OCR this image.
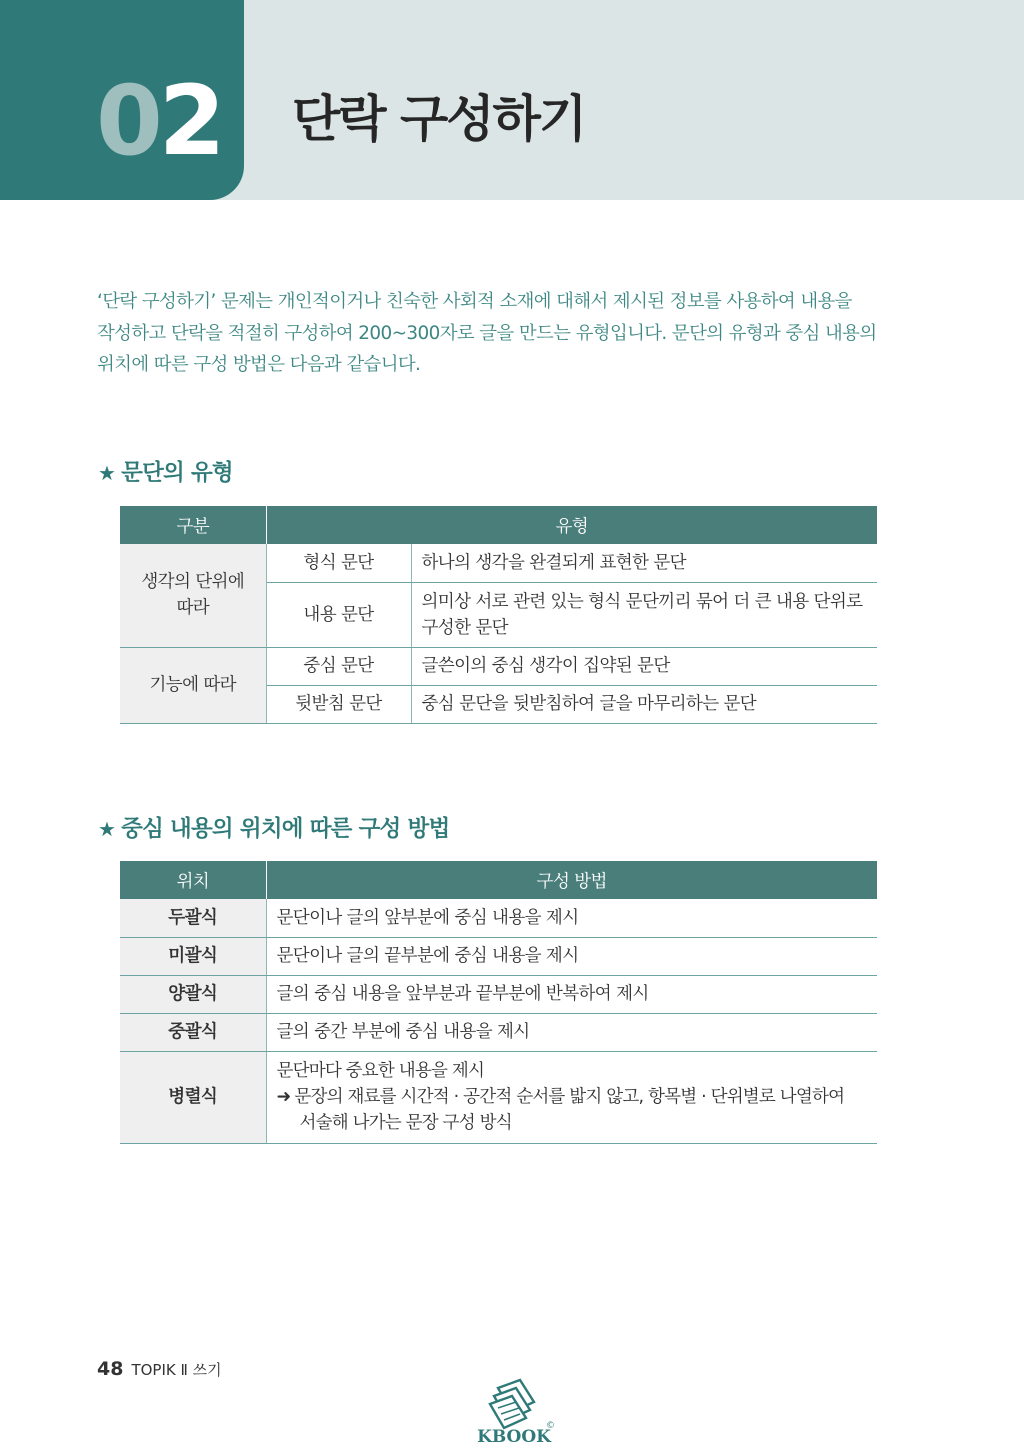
02 단락 구성하기

‘단락 구성하기’ 문제는 개인적이거나 친숙한 사회적 소재에 대해서 제시된 정보를 사용하여 내용을 작성하고 단락을 적절히 구성하여 200~300자로 글을 만드는 유형입니다. 문단의 유형과 중심 내용의 위치에 따른 구성 방법은 다음과 같습니다.

★ 문단의 유형
구분	유형	
생각의 단위에 따라	형식 문단	하나의 생각을 완결되게 표현한 문단
	내용 문단	의미상 서로 관련 있는 형식 문단끼리 묶어 더 큰 내용 단위로 구성한 문단
기능에 따라	중심 문단	글쓴이의 중심 생각이 집약된 문단
	뒷받침 문단	중심 문단을 뒷받침하여 글을 마무리하는 문단
★ 중심 내용의 위치에 따른 구성 방법
위치	구성 방법
두괄식	문단이나 글의 앞부분에 중심 내용을 제시
미괄식	문단이나 글의 끝부분에 중심 내용을 제시
양괄식	글의 중심 내용을 앞부분과 끝부분에 반복하여 제시
중괄식	글의 중간 부분에 중심 내용을 제시
병렬식	문단마다 중요한 내용을 제시
➜ 문장의 재료를 시간적 · 공간적 순서를 밟지 않고, 항목별 · 단위별로 나열하여
서술해 나가는 문장 구성 방식
48 TOPIK Ⅱ 쓰기
©
KBOOK
